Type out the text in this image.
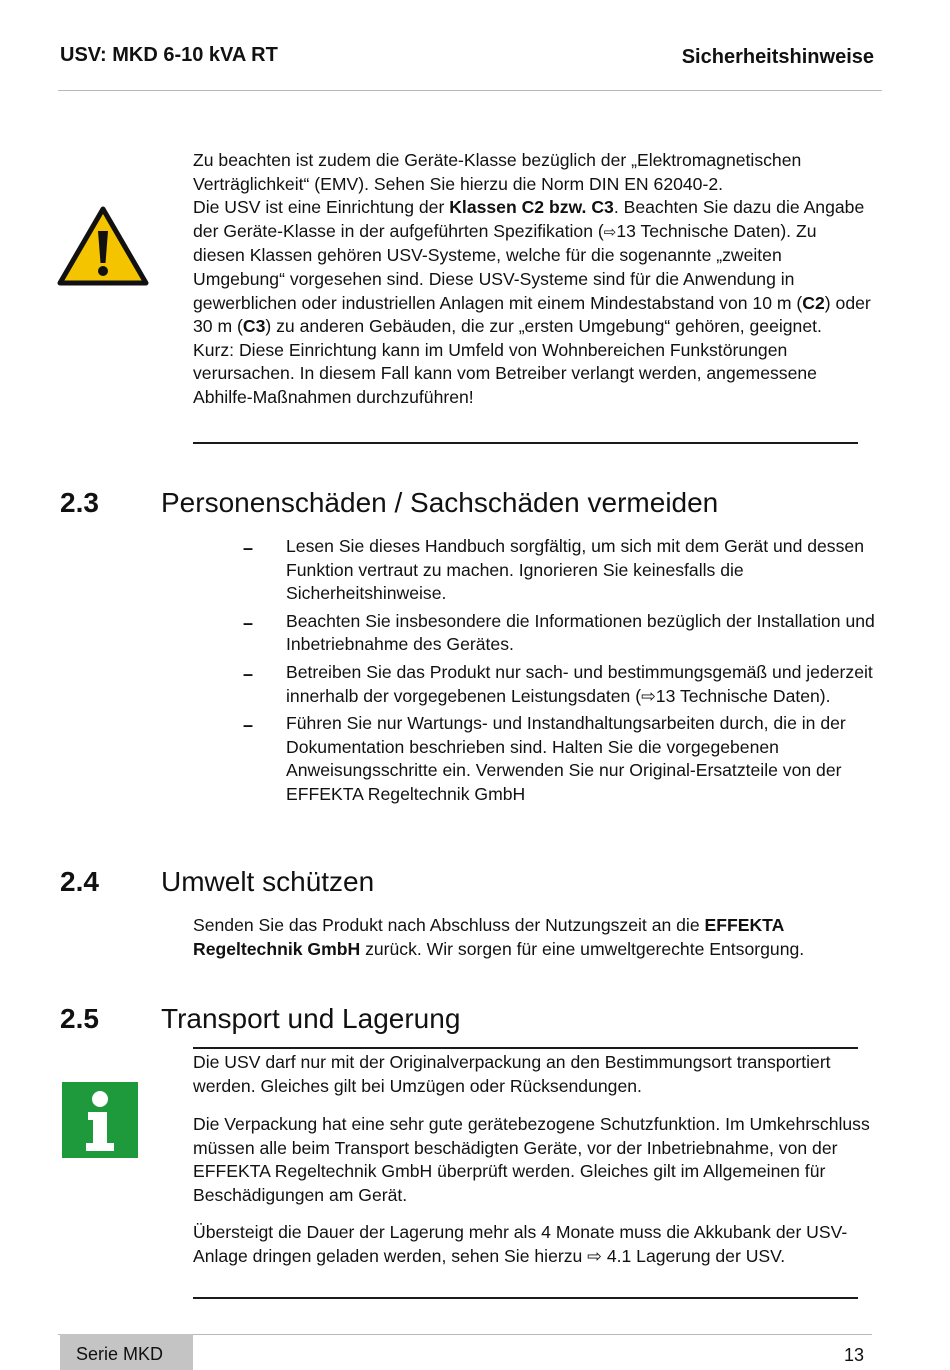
USV: MKD 6-10 kVA RT	Sicherheitshinweise
Zu beachten ist zudem die Geräte-Klasse bezüglich der „Elektromagnetischen Verträglichkeit“ (EMV). Sehen Sie hierzu die Norm DIN EN 62040-2.
Die USV ist eine Einrichtung der Klassen C2 bzw. C3. Beachten Sie dazu die Angabe der Geräte-Klasse in der aufgeführten Spezifikation (⇨13 Technische Daten). Zu diesen Klassen gehören USV-Systeme, welche für die sogenannte „zweiten Umgebung“ vorgesehen sind. Diese USV-Systeme sind für die Anwendung in gewerblichen oder industriellen Anlagen mit einem Mindestabstand von 10 m (C2) oder 30 m (C3) zu anderen Gebäuden, die zur „ersten Umgebung“ gehören, geeignet.
Kurz: Diese Einrichtung kann im Umfeld von Wohnbereichen Funkstörungen verursachen. In diesem Fall kann vom Betreiber verlangt werden, angemessene Abhilfe-Maßnahmen durchzuführen!
2.3 Personenschäden / Sachschäden vermeiden
– Lesen Sie dieses Handbuch sorgfältig, um sich mit dem Gerät und dessen Funktion vertraut zu machen. Ignorieren Sie keinesfalls die Sicherheitshinweise.
– Beachten Sie insbesondere die Informationen bezüglich der Installation und Inbetriebnahme des Gerätes.
– Betreiben Sie das Produkt nur sach- und bestimmungsgemäß und jederzeit innerhalb der vorgegebenen Leistungsdaten (⇨13 Technische Daten).
– Führen Sie nur Wartungs- und Instandhaltungsarbeiten durch, die in der Dokumentation beschrieben sind. Halten Sie die vorgegebenen Anweisungsschritte ein. Verwenden Sie nur Original-Ersatzteile von der EFFEKTA Regeltechnik GmbH
2.4 Umwelt schützen
Senden Sie das Produkt nach Abschluss der Nutzungszeit an die EFFEKTA Regeltechnik GmbH zurück. Wir sorgen für eine umweltgerechte Entsorgung.
2.5 Transport und Lagerung
Die USV darf nur mit der Originalverpackung an den Bestimmungsort transportiert werden. Gleiches gilt bei Umzügen oder Rücksendungen.
Die Verpackung hat eine sehr gute gerätebezogene Schutzfunktion. Im Umkehrschluss müssen alle beim Transport beschädigten Geräte, vor der Inbetriebnahme, von der EFFEKTA Regeltechnik GmbH überprüft werden. Gleiches gilt im Allgemeinen für Beschädigungen am Gerät.
Übersteigt die Dauer der Lagerung mehr als 4 Monate muss die Akkubank der USV-Anlage dringen geladen werden, sehen Sie hierzu ⇨ 4.1 Lagerung der USV.
Serie MKD	13
